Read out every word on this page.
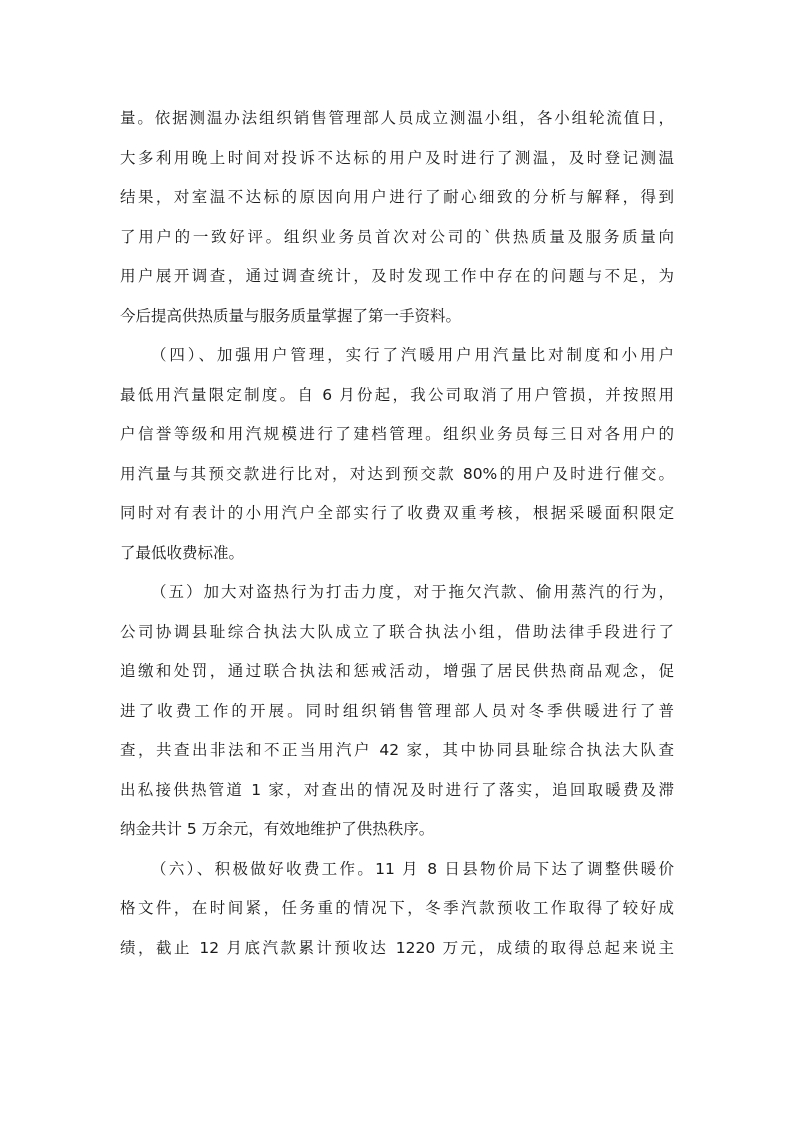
量。依据测温办法组织销售管理部人员成立测温小组，各小组轮流值日，
大多利用晚上时间对投诉不达标的用户及时进行了测温，及时登记测温
结果，对室温不达标的原因向用户进行了耐心细致的分析与解释，得到
了用户的一致好评。组织业务员首次对公司的`供热质量及服务质量向
用户展开调查，通过调查统计，及时发现工作中存在的问题与不足，为
今后提高供热质量与服务质量掌握了第一手资料。
（四）、加强用户管理，实行了汽暖用户用汽量比对制度和小用户
最低用汽量限定制度。自 6 月份起，我公司取消了用户管损，并按照用
户信誉等级和用汽规模进行了建档管理。组织业务员每三日对各用户的
用汽量与其预交款进行比对，对达到预交款 80%的用户及时进行催交。
同时对有表计的小用汽户全部实行了收费双重考核，根据采暖面积限定
了最低收费标准。
（五）加大对盗热行为打击力度，对于拖欠汽款、偷用蒸汽的行为，
公司协调县耻综合执法大队成立了联合执法小组，借助法律手段进行了
追缴和处罚，通过联合执法和惩戒活动，增强了居民供热商品观念，促
进了收费工作的开展。同时组织销售管理部人员对冬季供暖进行了普
查，共查出非法和不正当用汽户 42 家，其中协同县耻综合执法大队查
出私接供热管道 1 家，对查出的情况及时进行了落实，追回取暖费及滞
纳金共计 5 万余元，有效地维护了供热秩序。
（六）、积极做好收费工作。11 月 8 日县物价局下达了调整供暖价
格文件，在时间紧，任务重的情况下，冬季汽款预收工作取得了较好成
绩，截止 12 月底汽款累计预收达 1220 万元，成绩的取得总起来说主
